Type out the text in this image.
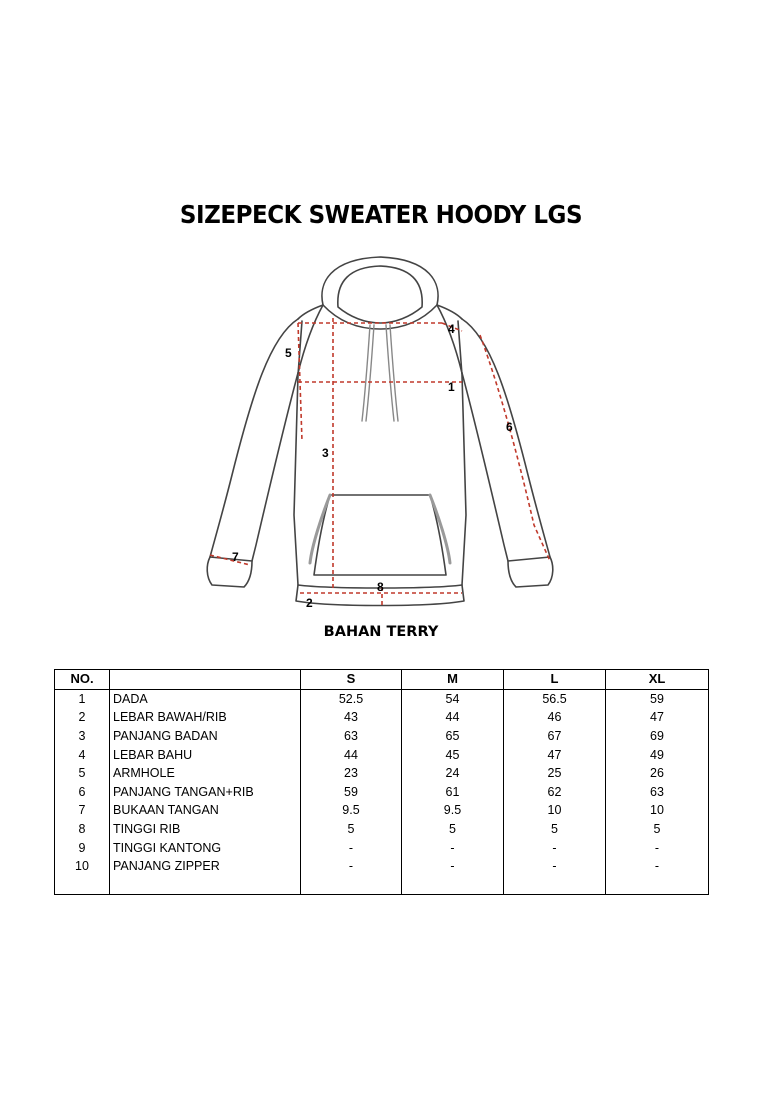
SIZEPECK SWEATER HOODY LGS
1
2
3
4
5
6
7
8
BAHAN TERRY
NO.		S	M	L	XL
1	DADA	52.5	54	56.5	59
2	LEBAR BAWAH/RIB	43	44	46	47
3	PANJANG BADAN	63	65	67	69
4	LEBAR BAHU	44	45	47	49
5	ARMHOLE	23	24	25	26
6	PANJANG TANGAN+RIB	59	61	62	63
7	BUKAAN TANGAN	9.5	9.5	10	10
8	TINGGI RIB	5	5	5	5
9	TINGGI KANTONG	-	-	-	-
10	PANJANG ZIPPER	-	-	-	-
